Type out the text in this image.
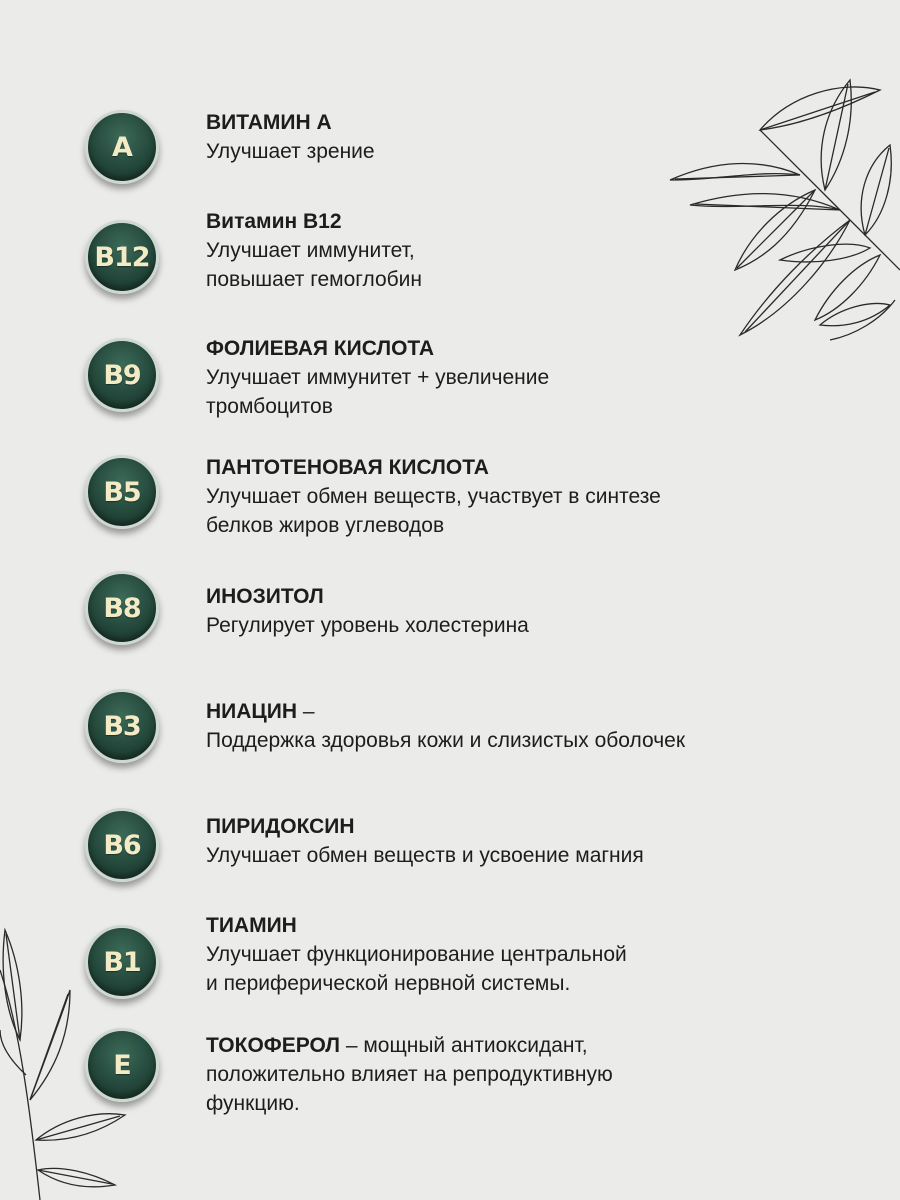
A
ВИТАМИН А
Улучшает зрение
B12
Витамин B12
Улучшает иммунитет,
повышает гемоглобин
B9
ФОЛИЕВАЯ КИСЛОТА
Улучшает иммунитет + увеличение
тромбоцитов
B5
ПАНТОТЕНОВАЯ КИСЛОТА
Улучшает обмен веществ, участвует в синтезе
белков жиров углеводов
B8	ИНОЗИТОЛ
Регулирует уровень холестерина
B3	НИАЦИН –
Поддержка здоровья кожи и слизистых оболочек
B6
ПИРИДОКСИН
Улучшает обмен веществ и усвоение магния
B1
ТИАМИН
Улучшает функционирование центральной
и периферической нервной системы.
E
ТОКОФЕРОЛ – мощный антиоксидант,
положительно влияет на репродуктивную
функцию.
